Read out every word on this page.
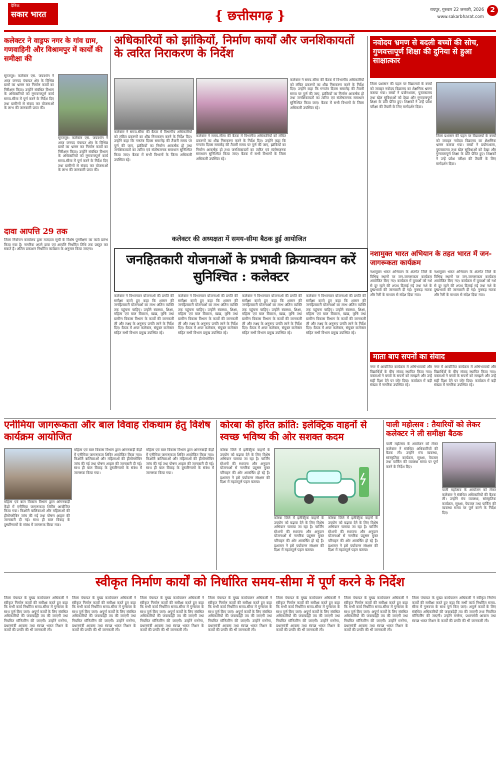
दैनिक
सकार भारत	{ छत्तीसगढ़ }	रायपुर, गुरुवार 22 जनवरी, 2026
www.sakarbharat.com
2
कलेक्टर ने वाड्रफ नगर के गांव ग्राम, गणवाहिनी और विश्रामपुर में कार्यों की समीक्षा की
सूरजपुर। कलेक्टर एस. जयवर्धन ने आज जनपद पंचायत क्षेत्र के विभिन्न ग्रामों का भ्रमण कर निर्माण कार्यों का निरीक्षण किया। उन्होंने संबंधित विभाग के अधिकारियों को गुणवत्तापूर्ण कार्य समय-सीमा में पूर्ण करने के निर्देश दिए तथा ग्रामीणों से संवाद कर योजनाओं के लाभ की जानकारी प्राप्त की।
सूरजपुर। कलेक्टर एस. जयवर्धन ने आज जनपद पंचायत क्षेत्र के विभिन्न ग्रामों का भ्रमण कर निर्माण कार्यों का निरीक्षण किया। उन्होंने संबंधित विभाग के अधिकारियों को गुणवत्तापूर्ण कार्य समय-सीमा में पूर्ण करने के निर्देश दिए तथा ग्रामीणों से संवाद कर योजनाओं के लाभ की जानकारी प्राप्त की।
दावा आपत्ति 29 तक
जिला निर्वाचन कार्यालय द्वारा मतदाता सूची के विशेष पुनरीक्षण का कार्य प्रारंभ किया गया है। नागरिक अपने दावा एवं आपत्ति निर्धारित तिथि तक प्रस्तुत कर सकते हैं। अंतिम प्रकाशन निर्धारित कार्यक्रम के अनुसार किया जाएगा।
अधिकारियों को झांकियों, निर्माण कार्यों और जनशिकायतों के त्वरित निराकरण के निर्देश
कलेक्टर ने समय-सीमा की बैठक में विभागीय अधिकारियों को लंबित प्रकरणों का शीघ्र निराकरण करने के निर्देश दिए। उन्होंने कहा कि गणतंत्र दिवस समारोह की तैयारी समय पर पूर्ण की जाए, झांकियों का निर्माण आकर्षक हो तथा जनशिकायतों का त्वरित एवं संतोषजनक समाधान सुनिश्चित किया जाए। बैठक में सभी विभागों के जिला अधिकारी उपस्थित रहे।
कलेक्टर ने समय-सीमा की बैठक में विभागीय अधिकारियों को लंबित प्रकरणों का शीघ्र निराकरण करने के निर्देश दिए। उन्होंने कहा कि गणतंत्र दिवस समारोह की तैयारी समय पर पूर्ण की जाए, झांकियों का निर्माण आकर्षक हो तथा जनशिकायतों का त्वरित एवं संतोषजनक समाधान सुनिश्चित किया जाए। बैठक में सभी विभागों के जिला अधिकारी उपस्थित रहे।
कलेक्टर ने समय-सीमा की बैठक में विभागीय अधिकारियों को लंबित प्रकरणों का शीघ्र निराकरण करने के निर्देश दिए। उन्होंने कहा कि गणतंत्र दिवस समारोह की तैयारी समय पर पूर्ण की जाए, झांकियों का निर्माण आकर्षक हो तथा जनशिकायतों का त्वरित एवं संतोषजनक समाधान सुनिश्चित किया जाए। बैठक में सभी विभागों के जिला अधिकारी उपस्थित रहे।
कलेक्टर की अध्यक्षता में समय-सीमा बैठक हुई आयोजित
नवोदय भ्रमण से बदली बच्चों की सोच, गुणवत्तापूर्ण शिक्षा की दुनिया से हुआ साक्षात्कार
जिला प्रशासन की पहल पर विद्यालयों के बच्चों को जवाहर नवोदय विद्यालय का शैक्षणिक भ्रमण कराया गया। बच्चों ने प्रयोगशाला, पुस्तकालय तथा खेल सुविधाओं को देखा और गुणवत्तापूर्ण शिक्षा के प्रति प्रेरित हुए। शिक्षकों ने उन्हें प्रवेश परीक्षा की तैयारी के लिए मार्गदर्शन दिया।
जिला प्रशासन की पहल पर विद्यालयों के बच्चों को जवाहर नवोदय विद्यालय का शैक्षणिक भ्रमण कराया गया। बच्चों ने प्रयोगशाला, पुस्तकालय तथा खेल सुविधाओं को देखा और गुणवत्तापूर्ण शिक्षा के प्रति प्रेरित हुए। शिक्षकों ने उन्हें प्रवेश परीक्षा की तैयारी के लिए मार्गदर्शन दिया।
जनहितकारी योजनाओं के प्रभावी क्रियान्वयन करें सुनिश्चित : कलेक्टर
कलेक्टर ने विभागवार योजनाओं की प्रगति की समीक्षा करते हुए कहा कि शासन की जनहितकारी योजनाओं का लाभ अंतिम व्यक्ति तक पहुंचना चाहिए। उन्होंने स्वास्थ्य, शिक्षा, महिला एवं बाल विकास, खाद्य, कृषि तथा ग्रामीण विकास विभाग के कार्यों की जानकारी ली और लक्ष्य के अनुरूप प्रगति लाने के निर्देश दिए। बैठक में अपर कलेक्टर, संयुक्त कलेक्टर सहित सभी विभाग प्रमुख उपस्थित रहे।
कलेक्टर ने विभागवार योजनाओं की प्रगति की समीक्षा करते हुए कहा कि शासन की जनहितकारी योजनाओं का लाभ अंतिम व्यक्ति तक पहुंचना चाहिए। उन्होंने स्वास्थ्य, शिक्षा, महिला एवं बाल विकास, खाद्य, कृषि तथा ग्रामीण विकास विभाग के कार्यों की जानकारी ली और लक्ष्य के अनुरूप प्रगति लाने के निर्देश दिए। बैठक में अपर कलेक्टर, संयुक्त कलेक्टर सहित सभी विभाग प्रमुख उपस्थित रहे।
कलेक्टर ने विभागवार योजनाओं की प्रगति की समीक्षा करते हुए कहा कि शासन की जनहितकारी योजनाओं का लाभ अंतिम व्यक्ति तक पहुंचना चाहिए। उन्होंने स्वास्थ्य, शिक्षा, महिला एवं बाल विकास, खाद्य, कृषि तथा ग्रामीण विकास विभाग के कार्यों की जानकारी ली और लक्ष्य के अनुरूप प्रगति लाने के निर्देश दिए। बैठक में अपर कलेक्टर, संयुक्त कलेक्टर सहित सभी विभाग प्रमुख उपस्थित रहे।
कलेक्टर ने विभागवार योजनाओं की प्रगति की समीक्षा करते हुए कहा कि शासन की जनहितकारी योजनाओं का लाभ अंतिम व्यक्ति तक पहुंचना चाहिए। उन्होंने स्वास्थ्य, शिक्षा, महिला एवं बाल विकास, खाद्य, कृषि तथा ग्रामीण विकास विभाग के कार्यों की जानकारी ली और लक्ष्य के अनुरूप प्रगति लाने के निर्देश दिए। बैठक में अपर कलेक्टर, संयुक्त कलेक्टर सहित सभी विभाग प्रमुख उपस्थित रहे।
नशामुक्त भारत अभियान के तहत भारत में जन-जागरूकता कार्यक्रम
नशामुक्त भारत अभियान के अंतर्गत जिले के विभिन्न स्थानों पर जन-जागरूकता कार्यक्रम आयोजित किए गए। कार्यक्रम में युवाओं को नशे से दूर रहने की शपथ दिलाई गई तथा नशे के दुष्प्रभावों की जानकारी दी गई। नुक्कड़ नाटक और रैली के माध्यम से संदेश दिया गया।
नशामुक्त भारत अभियान के अंतर्गत जिले के विभिन्न स्थानों पर जन-जागरूकता कार्यक्रम आयोजित किए गए। कार्यक्रम में युवाओं को नशे से दूर रहने की शपथ दिलाई गई तथा नशे के दुष्प्रभावों की जानकारी दी गई। नुक्कड़ नाटक और रैली के माध्यम से संदेश दिया गया।
माता बाप सपनों का संवाद
नगर में आयोजित कार्यक्रम में अभिभावकों और विद्यार्थियों के बीच संवाद स्थापित किया गया। वक्ताओं ने बच्चों के सपनों को समझने और उन्हें सही दिशा देने पर जोर दिया। कार्यक्रम में बड़ी संख्या में नागरिक उपस्थित रहे।
नगर में आयोजित कार्यक्रम में अभिभावकों और विद्यार्थियों के बीच संवाद स्थापित किया गया। वक्ताओं ने बच्चों के सपनों को समझने और उन्हें सही दिशा देने पर जोर दिया। कार्यक्रम में बड़ी संख्या में नागरिक उपस्थित रहे।
एनीमिया जागरूकता और बाल विवाह रोकथाम हेतु विशेष कार्यक्रम आयोजित
महिला एवं बाल विकास विभाग द्वारा आंगनबाड़ी केंद्रों में एनीमिया जागरूकता शिविर आयोजित किया गया। किशोरी बालिकाओं और महिलाओं की हीमोग्लोबिन जांच की गई तथा पोषण आहार की जानकारी दी गई। साथ ही बाल विवाह के दुष्परिणामों के संबंध में जागरूक किया गया।
महिला एवं बाल विकास विभाग द्वारा आंगनबाड़ी केंद्रों में एनीमिया जागरूकता शिविर आयोजित किया गया। किशोरी बालिकाओं और महिलाओं की हीमोग्लोबिन जांच की गई तथा पोषण आहार की जानकारी दी गई। साथ ही बाल विवाह के दुष्परिणामों के संबंध में जागरूक किया गया।
महिला एवं बाल विकास विभाग द्वारा आंगनबाड़ी केंद्रों में एनीमिया जागरूकता शिविर आयोजित किया गया। किशोरी बालिकाओं और महिलाओं की हीमोग्लोबिन जांच की गई तथा पोषण आहार की जानकारी दी गई। साथ ही बाल विवाह के दुष्परिणामों के संबंध में जागरूक किया गया।
कोरबा की हरित क्रांति: इलेक्ट्रिक वाहनों से स्वच्छ भविष्य की ओर सशक्त कदम
कोरबा जिले में इलेक्ट्रिक वाहनों के उपयोग को बढ़ावा देने के लिए विशेष अभियान चलाया जा रहा है। चार्जिंग स्टेशनों की स्थापना और अनुदान योजनाओं से नागरिक प्रदूषण मुक्त परिवहन की ओर आकर्षित हो रहे हैं। प्रशासन ने इसे पर्यावरण संरक्षण की दिशा में महत्वपूर्ण पहल बताया।
कोरबा जिले में इलेक्ट्रिक वाहनों के उपयोग को बढ़ावा देने के लिए विशेष अभियान चलाया जा रहा है। चार्जिंग स्टेशनों की स्थापना और अनुदान योजनाओं से नागरिक प्रदूषण मुक्त परिवहन की ओर आकर्षित हो रहे हैं। प्रशासन ने इसे पर्यावरण संरक्षण की दिशा में महत्वपूर्ण पहल बताया।
कोरबा जिले में इलेक्ट्रिक वाहनों के उपयोग को बढ़ावा देने के लिए विशेष अभियान चलाया जा रहा है। चार्जिंग स्टेशनों की स्थापना और अनुदान योजनाओं से नागरिक प्रदूषण मुक्त परिवहन की ओर आकर्षित हो रहे हैं। प्रशासन ने इसे पर्यावरण संरक्षण की दिशा में महत्वपूर्ण पहल बताया।
पाली महोत्सव : तैयारियों को लेकर कलेक्टर ने ली समीक्षा बैठक
पाली महोत्सव के आयोजन को लेकर कलेक्टर ने संबंधित अधिकारियों की बैठक ली। उन्होंने मंच व्यवस्था, सांस्कृतिक कार्यक्रम, सुरक्षा, पेयजल तथा पार्किंग की व्यवस्था समय पर पूर्ण करने के निर्देश दिए।
पाली महोत्सव के आयोजन को लेकर कलेक्टर ने संबंधित अधिकारियों की बैठक ली। उन्होंने मंच व्यवस्था, सांस्कृतिक कार्यक्रम, सुरक्षा, पेयजल तथा पार्किंग की व्यवस्था समय पर पूर्ण करने के निर्देश दिए।
स्वीकृत निर्माण कार्यों को निर्धारित समय-सीमा में पूर्ण करने के निर्देश
जिला पंचायत के मुख्य कार्यपालन अधिकारी ने स्वीकृत निर्माण कार्यों की समीक्षा करते हुए कहा कि सभी कार्य निर्धारित समय-सीमा में गुणवत्ता के साथ पूर्ण किए जाएं। अपूर्ण कार्यों के लिए संबंधित अधिकारियों की जवाबदेही तय की जाएगी तथा नियमित मॉनिटरिंग की जाएगी। उन्होंने मनरेगा, प्रधानमंत्री आवास तथा स्वच्छ भारत मिशन के कार्यों की प्रगति की भी जानकारी ली।
जिला पंचायत के मुख्य कार्यपालन अधिकारी ने स्वीकृत निर्माण कार्यों की समीक्षा करते हुए कहा कि सभी कार्य निर्धारित समय-सीमा में गुणवत्ता के साथ पूर्ण किए जाएं। अपूर्ण कार्यों के लिए संबंधित अधिकारियों की जवाबदेही तय की जाएगी तथा नियमित मॉनिटरिंग की जाएगी। उन्होंने मनरेगा, प्रधानमंत्री आवास तथा स्वच्छ भारत मिशन के कार्यों की प्रगति की भी जानकारी ली।
जिला पंचायत के मुख्य कार्यपालन अधिकारी ने स्वीकृत निर्माण कार्यों की समीक्षा करते हुए कहा कि सभी कार्य निर्धारित समय-सीमा में गुणवत्ता के साथ पूर्ण किए जाएं। अपूर्ण कार्यों के लिए संबंधित अधिकारियों की जवाबदेही तय की जाएगी तथा नियमित मॉनिटरिंग की जाएगी। उन्होंने मनरेगा, प्रधानमंत्री आवास तथा स्वच्छ भारत मिशन के कार्यों की प्रगति की भी जानकारी ली।
जिला पंचायत के मुख्य कार्यपालन अधिकारी ने स्वीकृत निर्माण कार्यों की समीक्षा करते हुए कहा कि सभी कार्य निर्धारित समय-सीमा में गुणवत्ता के साथ पूर्ण किए जाएं। अपूर्ण कार्यों के लिए संबंधित अधिकारियों की जवाबदेही तय की जाएगी तथा नियमित मॉनिटरिंग की जाएगी। उन्होंने मनरेगा, प्रधानमंत्री आवास तथा स्वच्छ भारत मिशन के कार्यों की प्रगति की भी जानकारी ली।
जिला पंचायत के मुख्य कार्यपालन अधिकारी ने स्वीकृत निर्माण कार्यों की समीक्षा करते हुए कहा कि सभी कार्य निर्धारित समय-सीमा में गुणवत्ता के साथ पूर्ण किए जाएं। अपूर्ण कार्यों के लिए संबंधित अधिकारियों की जवाबदेही तय की जाएगी तथा नियमित मॉनिटरिंग की जाएगी। उन्होंने मनरेगा, प्रधानमंत्री आवास तथा स्वच्छ भारत मिशन के कार्यों की प्रगति की भी जानकारी ली।
जिला पंचायत के मुख्य कार्यपालन अधिकारी ने स्वीकृत निर्माण कार्यों की समीक्षा करते हुए कहा कि सभी कार्य निर्धारित समय-सीमा में गुणवत्ता के साथ पूर्ण किए जाएं। अपूर्ण कार्यों के लिए संबंधित अधिकारियों की जवाबदेही तय की जाएगी तथा नियमित मॉनिटरिंग की जाएगी। उन्होंने मनरेगा, प्रधानमंत्री आवास तथा स्वच्छ भारत मिशन के कार्यों की प्रगति की भी जानकारी ली।
जिला पंचायत के मुख्य कार्यपालन अधिकारी ने स्वीकृत निर्माण कार्यों की समीक्षा करते हुए कहा कि सभी कार्य निर्धारित समय-सीमा में गुणवत्ता के साथ पूर्ण किए जाएं। अपूर्ण कार्यों के लिए संबंधित अधिकारियों की जवाबदेही तय की जाएगी तथा नियमित मॉनिटरिंग की जाएगी। उन्होंने मनरेगा, प्रधानमंत्री आवास तथा स्वच्छ भारत मिशन के कार्यों की प्रगति की भी जानकारी ली।
